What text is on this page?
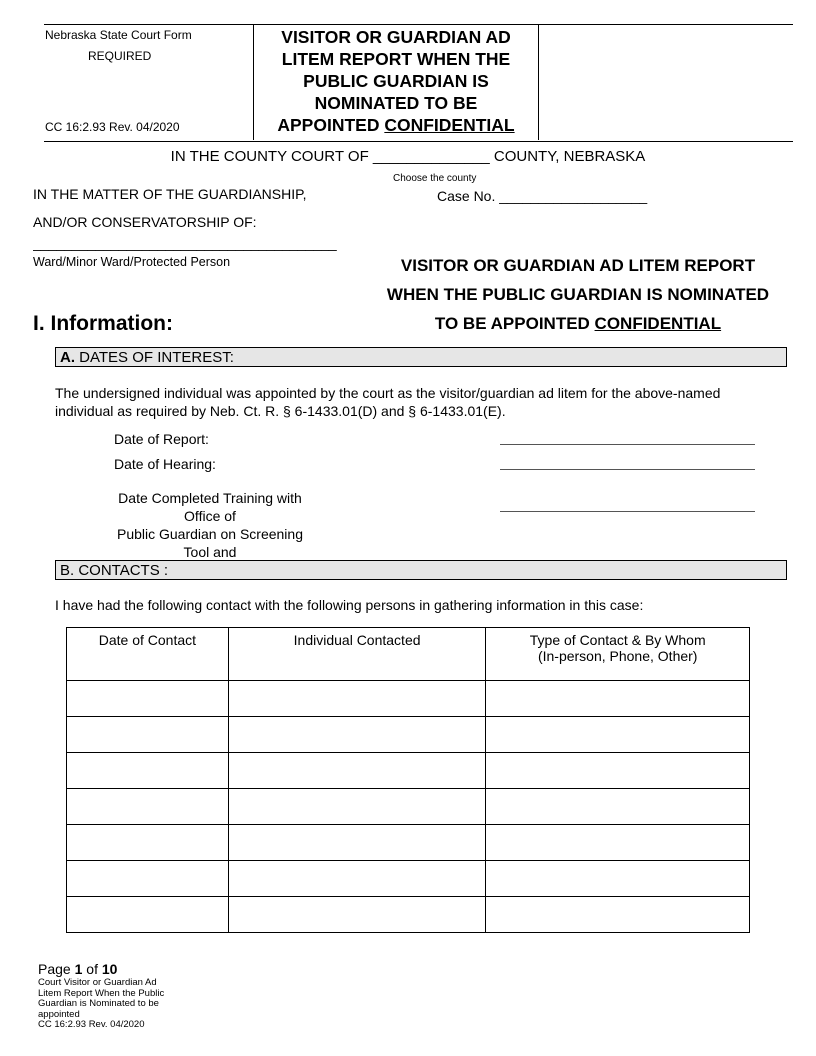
Nebraska State Court Form
REQUIRED
CC 16:2.93 Rev. 04/2020
VISITOR OR GUARDIAN AD
LITEM REPORT WHEN THE
PUBLIC GUARDIAN IS
NOMINATED TO BE
APPOINTED CONFIDENTIAL
IN THE COUNTY COURT OF ______________ COUNTY, NEBRASKA
Choose the county
IN THE MATTER OF THE GUARDIANSHIP,	Case No. ___________________
AND/OR CONSERVATORSHIP OF:
_______________________________________
Ward/Minor Ward/Protected Person	VISITOR OR GUARDIAN AD LITEM REPORT
WHEN THE PUBLIC GUARDIAN IS NOMINATED
TO BE APPOINTED CONFIDENTIAL
I. Information:
A. DATES OF INTEREST:
The undersigned individual was appointed by the court as the visitor/guardian ad litem for the above-named
individual as required by Neb. Ct. R. § 6-1433.01(D) and § 6-1433.01(E).
Date of Report:
Date of Hearing:
Date Completed Training with Office of
Public Guardian on Screening Tool and
B. CONTACTS :
I have had the following contact with the following persons in gathering information in this case:
Date of Contact	Individual Contacted	Type of Contact & By Whom
(In-person, Phone, Other)

Page 1 of 10
Court Visitor or Guardian Ad
Litem Report When the Public
Guardian is Nominated to be
appointed
CC 16:2.93 Rev. 04/2020
